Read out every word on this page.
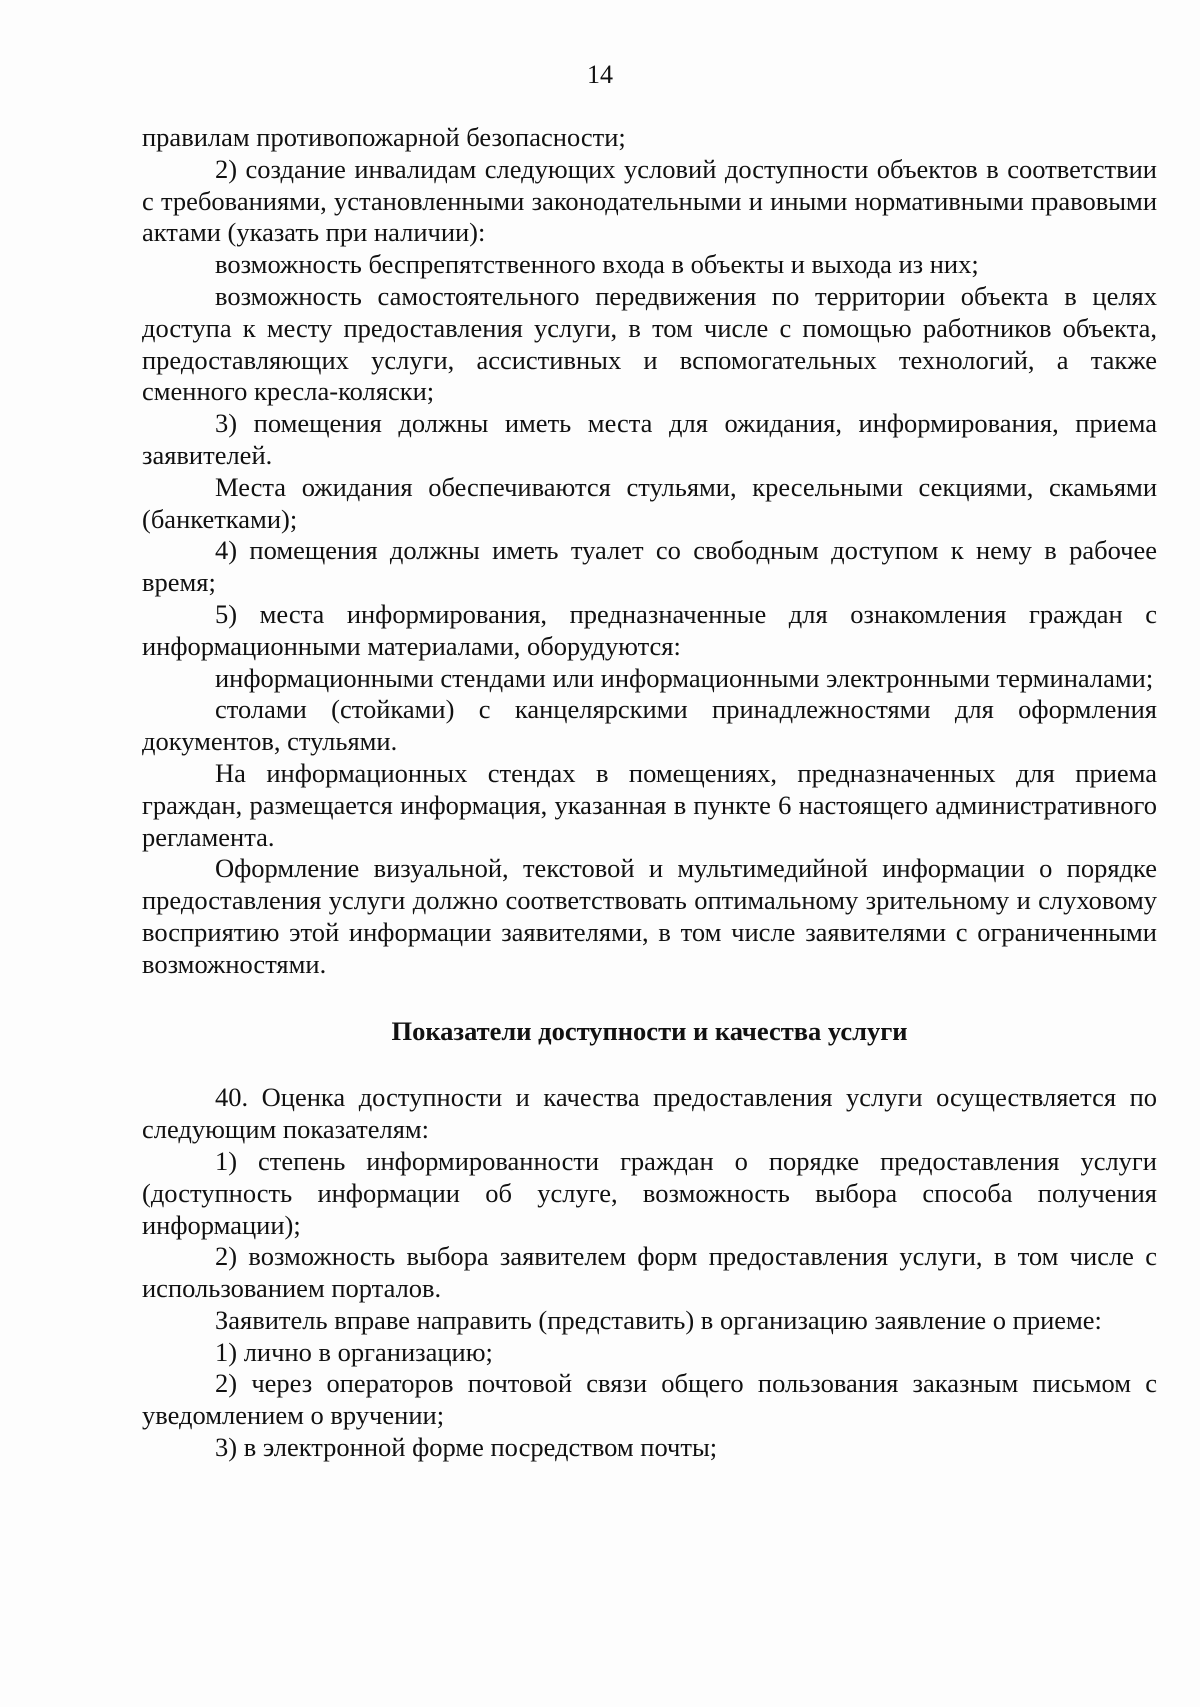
14

правилам противопожарной безопасности;

2) создание инвалидам следующих условий доступности объектов в соответствии с требованиями, установленными законодательными и иными нормативными правовыми актами (указать при наличии):

возможность беспрепятственного входа в объекты и выхода из них;

возможность самостоятельного передвижения по территории объекта в целях доступа к месту предоставления услуги, в том числе с помощью работников объекта, предоставляющих услуги, ассистивных и вспомогательных технологий, а также сменного кресла-коляски;

3) помещения должны иметь места для ожидания, информирования, приема заявителей.

Места ожидания обеспечиваются стульями, кресельными секциями, скамьями (банкетками);

4) помещения должны иметь туалет со свободным доступом к нему в рабочее время;

5) места информирования, предназначенные для ознакомления граждан с информационными материалами, оборудуются:

информационными стендами или информационными электронными терминалами;

столами (стойками) с канцелярскими принадлежностями для оформления документов, стульями.

На информационных стендах в помещениях, предназначенных для приема граждан, размещается информация, указанная в пункте 6 настоящего административного регламента.

Оформление визуальной, текстовой и мультимедийной информации о порядке предоставления услуги должно соответствовать оптимальному зрительному и слуховому восприятию этой информации заявителями, в том числе заявителями с ограниченными возможностями.

Показатели доступности и качества услуги

40. Оценка доступности и качества предоставления услуги осуществляется по следующим показателям:

1) степень информированности граждан о порядке предоставления услуги (доступность информации об услуге, возможность выбора способа получения информации);

2) возможность выбора заявителем форм предоставления услуги, в том числе с использованием порталов.

Заявитель вправе направить (представить) в организацию заявление о приеме:

1) лично в организацию;

2) через операторов почтовой связи общего пользования заказным письмом с уведомлением о вручении;

3) в электронной форме посредством почты;
